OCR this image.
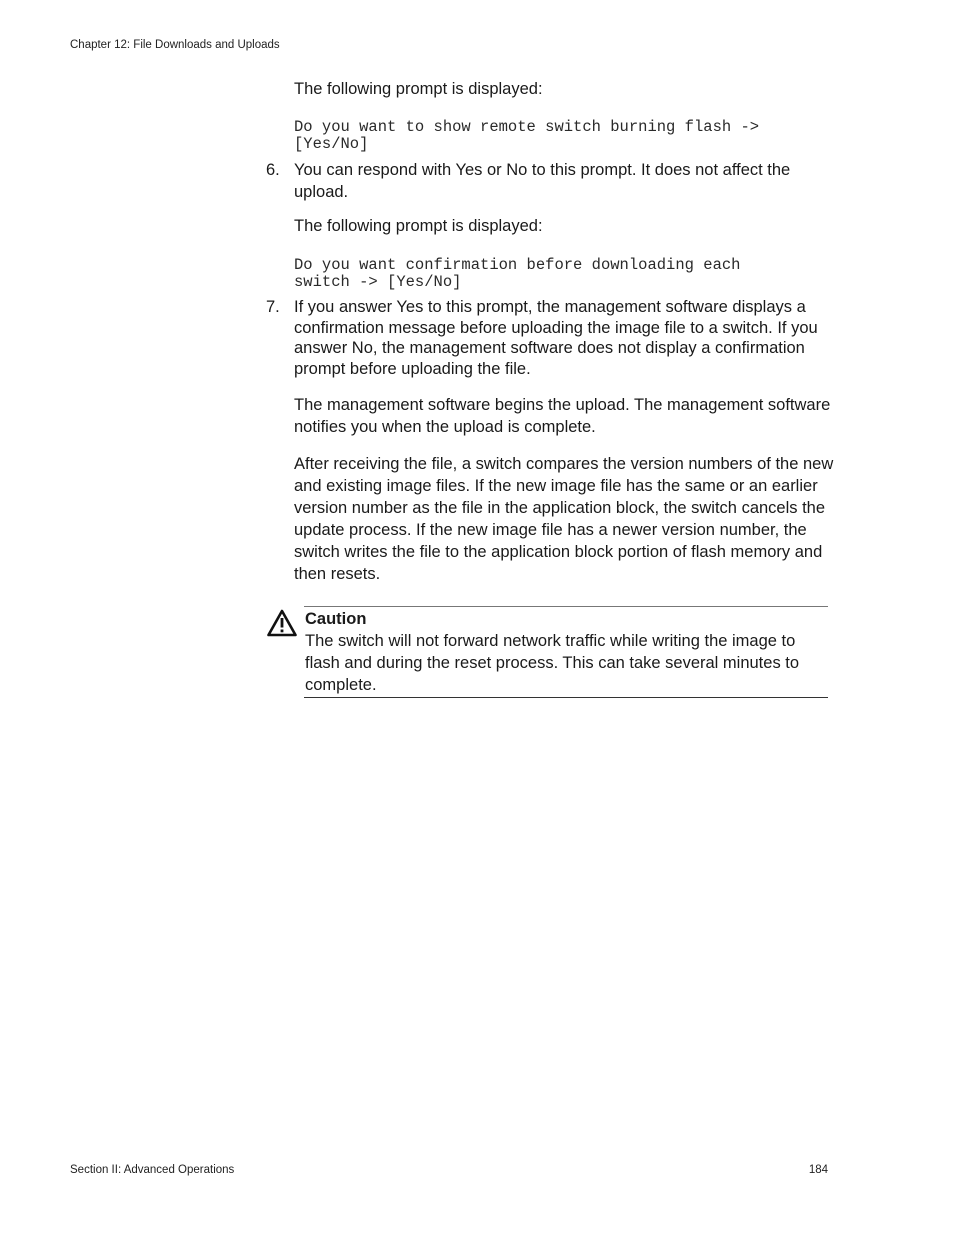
Chapter 12: File Downloads and Uploads

The following prompt is displayed:

Do you want to show remote switch burning flash ->
[Yes/No]
6. You can respond with Yes or No to this prompt. It does not affect the upload.

The following prompt is displayed:

Do you want confirmation before downloading each
switch -> [Yes/No]
7. If you answer Yes to this prompt, the management software displays a confirmation message before uploading the image file to a switch. If you answer No, the management software does not display a confirmation prompt before uploading the file.

The management software begins the upload. The management software notifies you when the upload is complete.

After receiving the file, a switch compares the version numbers of the new and existing image files. If the new image file has the same or an earlier version number as the file in the application block, the switch cancels the update process. If the new image file has a newer version number, the switch writes the file to the application block portion of flash memory and then resets.

Caution

The switch will not forward network traffic while writing the image to flash and during the reset process. This can take several minutes to complete.

Section II: Advanced Operations	184
